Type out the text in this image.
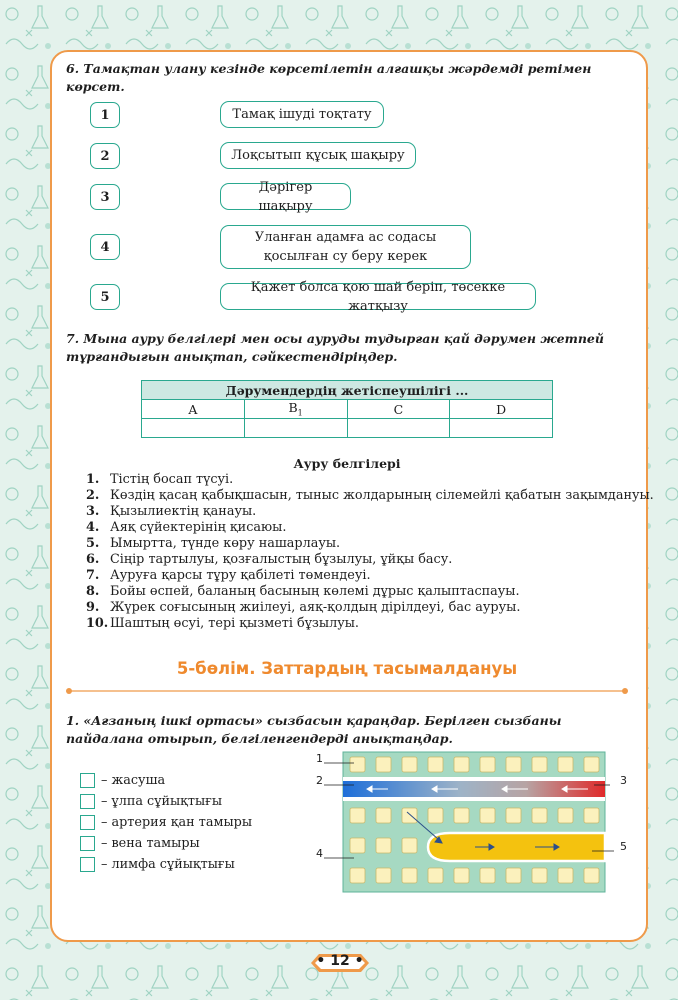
6. Тамақтан улану кезінде көрсетілетін алғашқы жәрдемді ретімен көрсет.
1
2
3
4
5
Тамақ ішуді тоқтату
Лоқсытып құсық шақыру
Дәрігер шақыру
Уланған адамға ас содасы қосылған су беру керек
Қажет болса қою шай беріп, төсекке жатқызу
7. Мына ауру белгілері мен осы ауруды тудырған қай дәрумен жетпей тұрғандығын анықтап, сәйкестендіріңдер.
Дәрумендердің жетіспеушілігі ...			
A	$B_1$	C	D

Ауру белгілері
1. Тістің босап түсуі.
2. Көздің қасаң қабықшасын, тыныс жолдарының сілемейлі қабатын зақымдануы.
3. Қызылиектің қанауы.
4. Аяқ сүйектерінің қисаюы.
5. Ымыртта, түнде көру нашарлауы.
6. Сіңір тартылуы, қозғалыстың бұзылуы, ұйқы басу.
7. Ауруға қарсы тұру қабілеті төмендеуі.
8. Бойы өспей, баланың басының көлемі дұрыс қалыптаспауы.
9. Жүрек соғысының жиілеуі, аяқ-қолдың дірілдеуі, бас ауруы.
10. Шаштың өсуі, тері қызметі бұзылуы.
5-бөлім. Заттардың тасымалдануы
1. «Ағзаның ішкі ортасы» сызбасын қараңдар. Берілген сызбаны пайдалана отырып, белгіленгендерді анықтаңдар.
– жасуша
– ұлпа сұйықтығы
– артерия қан тамыры
– вена тамыры
– лимфа сұйықтығы
1
2	3
4
5
• 12 •
